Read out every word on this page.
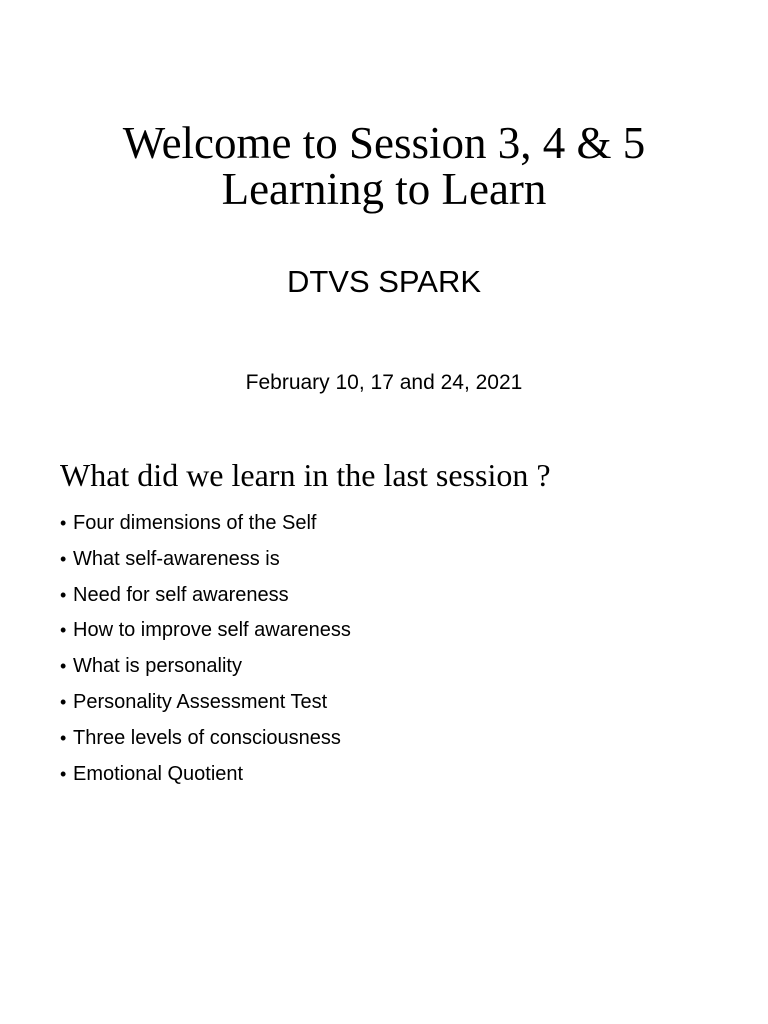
Welcome to Session 3, 4 & 5
Learning to Learn
DTVS SPARK
February 10, 17 and 24, 2021
What did we learn in the last session ?
• Four dimensions of the Self
• What self-awareness is
• Need for self awareness
• How to improve self awareness
• What is personality
• Personality Assessment Test
• Three levels of consciousness
• Emotional Quotient
